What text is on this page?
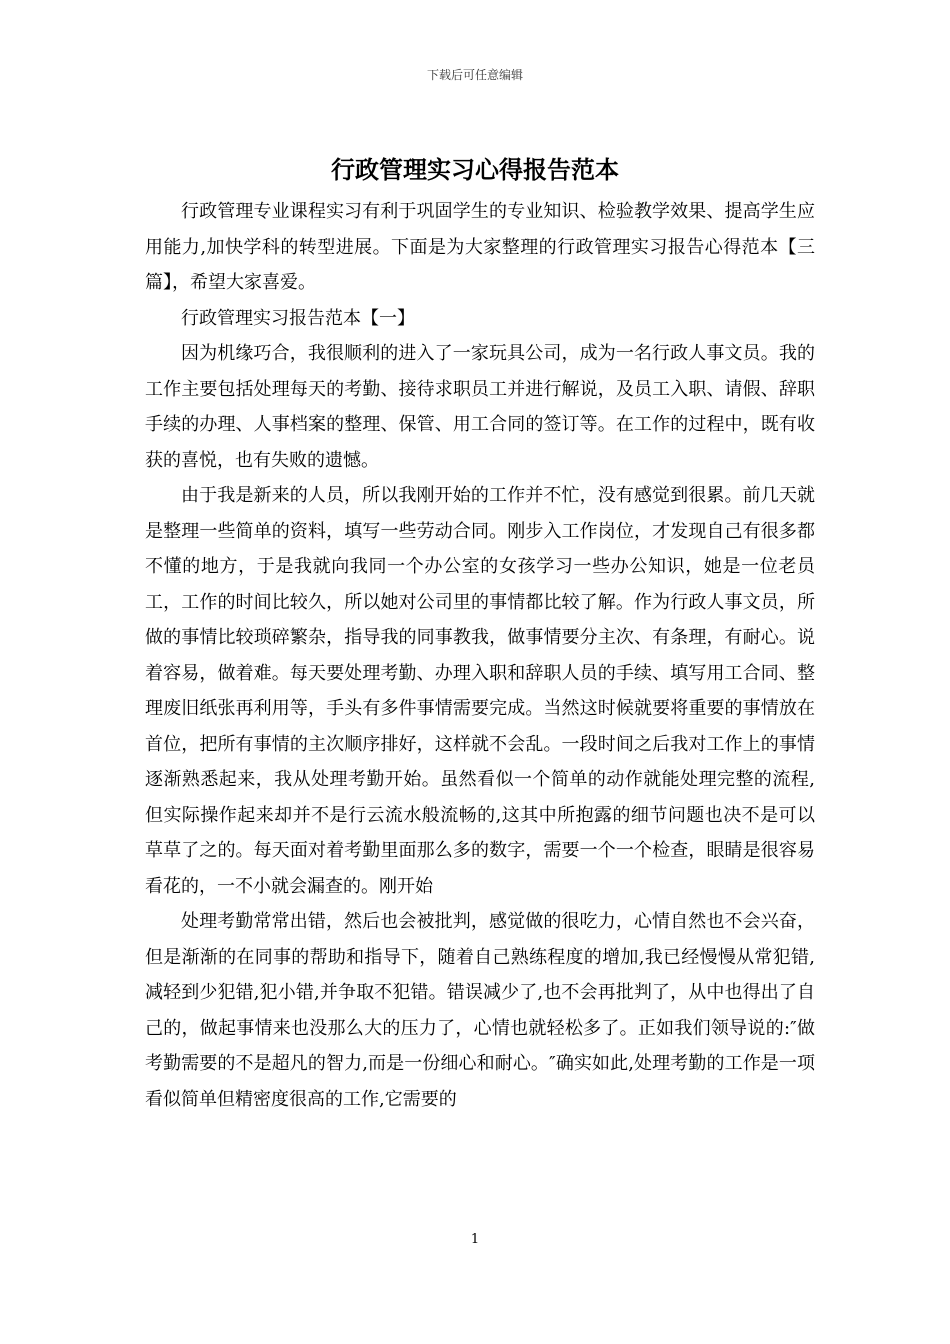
下载后可任意编辑
行政管理实习心得报告范本

行政管理专业课程实习有利于巩固学生的专业知识、检验教学效果、提高学生应用能力,加快学科的转型进展。下面是为大家整理的行政管理实习报告心得范本【三篇】，希望大家喜爱。

行政管理实习报告范本【一】

因为机缘巧合，我很顺利的进入了一家玩具公司，成为一名行政人事文员。我的工作主要包括处理每天的考勤、接待求职员工并进行解说，及员工入职、请假、辞职手续的办理、人事档案的整理、保管、用工合同的签订等。在工作的过程中，既有收获的喜悦，也有失败的遗憾。

由于我是新来的人员，所以我刚开始的工作并不忙，没有感觉到很累。前几天就是整理一些简单的资料，填写一些劳动合同。刚步入工作岗位，才发现自己有很多都不懂的地方，于是我就向我同一个办公室的女孩学习一些办公知识，她是一位老员工，工作的时间比较久，所以她对公司里的事情都比较了解。作为行政人事文员，所做的事情比较琐碎繁杂，指导我的同事教我，做事情要分主次、有条理，有耐心。说着容易，做着难。每天要处理考勤、办理入职和辞职人员的手续、填写用工合同、整理废旧纸张再利用等，手头有多件事情需要完成。当然这时候就要将重要的事情放在首位，把所有事情的主次顺序排好，这样就不会乱。一段时间之后我对工作上的事情逐渐熟悉起来，我从处理考勤开始。虽然看似一个简单的动作就能处理完整的流程,但实际操作起来却并不是行云流水般流畅的,这其中所抱露的细节问题也决不是可以草草了之的。每天面对着考勤里面那么多的数字，需要一个一个检查，眼睛是很容易看花的，一不小就会漏查的。刚开始

处理考勤常常出错，然后也会被批判，感觉做的很吃力，心情自然也不会兴奋，但是渐渐的在同事的帮助和指导下，随着自己熟练程度的增加,我已经慢慢从常犯错,减轻到少犯错,犯小错,并争取不犯错。错误减少了,也不会再批判了，从中也得出了自己的，做起事情来也没那么大的压力了，心情也就轻松多了。正如我们领导说的:″做考勤需要的不是超凡的智力,而是一份细心和耐心。″确实如此,处理考勤的工作是一项看似简单但精密度很高的工作,它需要的

1
